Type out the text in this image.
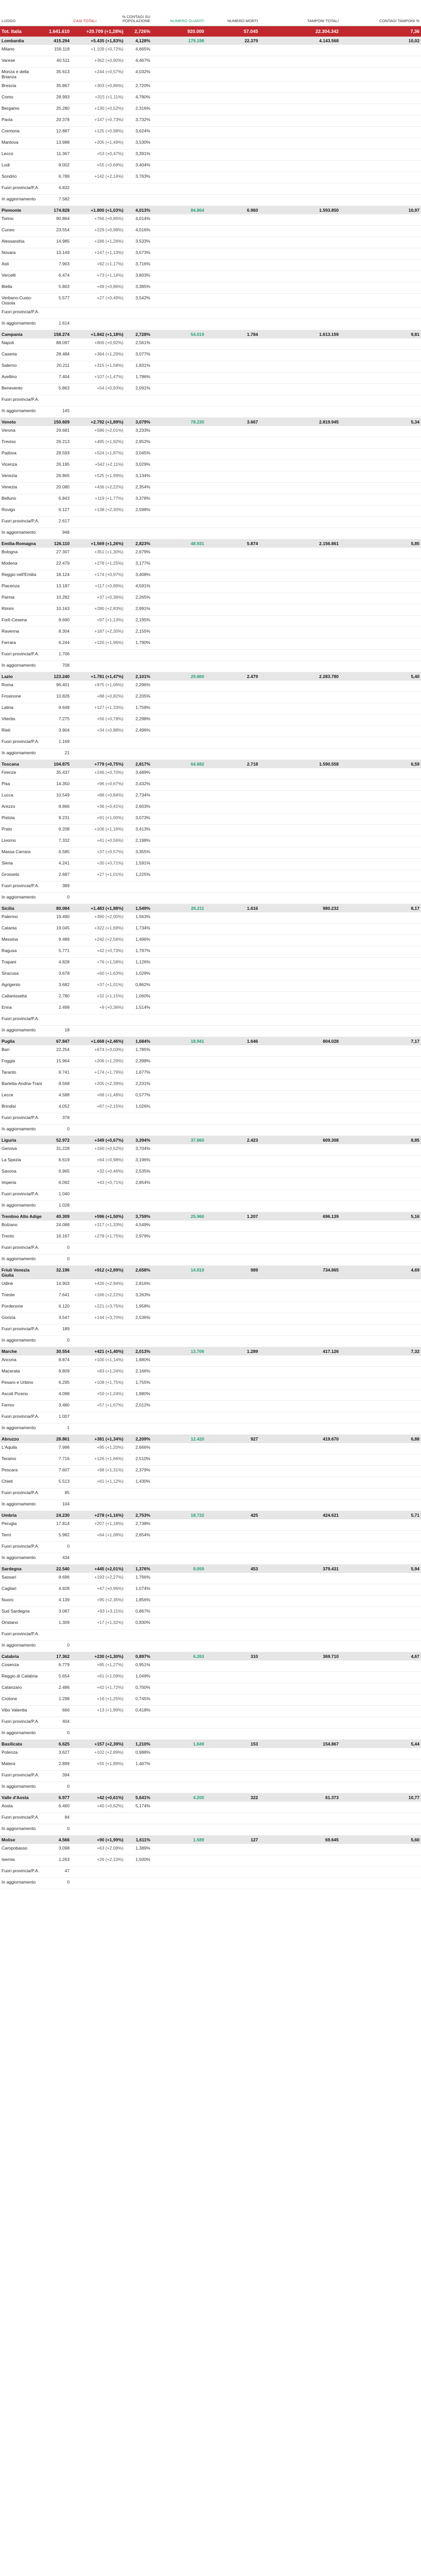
LUOGO	CASI TOTALI		% CONTAGI SU POPOLAZIONE		NUMERO GUARITI	NUMERO MORTI	TAMPONI TOTALI	CONTAGI TAMPONI %
Tot. Italia	1.641.610	+20.709 (+1,28%)		2,726%	920.000	57.045	22.304.342	7,36
Lombardia	415.294	+5.435 (+1,83%)		4,128%	179.198	22.379	4.143.568	10,02
Milano	156.118	+1.109 (+0,72%)		4,665%				
Varese	40.511	+362 (+0,90%)		4,467%				
Monza e della Brianza	35.613	+244 (+0,57%)		4,032%				
Brescia	35.867	+303 (+0,86%)		2,720%				
Como	28.993	+315 (+1,11%)		4,780%				
Bergamo	25.280	+130 (+0,52%)		2,316%				
Pavia	20.378	+147 (+0,73%)		3,732%				
Cremona	12.887	+125 (+0,98%)		3,624%				
Mantova	13.988	+205 (+1,49%)		3,530%				
Lecco	11.367	+53 (+0,47%)		3,391%				
Lodi	8.002	+55 (+0,69%)		3,404%				
Sondrio	6.789	+142 (+2,14%)		3,763%				
Fuori provincia/P.A.	4.832							
In aggiornamento	7.582							
Piemonte	174.828	+1.800 (+1,03%)		4,013%	84.864	6.960	1.593.850	10,97
Torino	90.864	+766 (+0,85%)		4,014%				
Cuneo	23.554	+229 (+0,98%)		4,016%				
Alessandria	14.985	+186 (+1,26%)		3,533%				
Novara	13.149	+147 (+1,13%)		3,573%				
Asti	7.903	+92 (+1,17%)		3,716%				
Vercelli	6.474	+73 (+1,14%)		3,803%				
Biella	5.803	+49 (+0,86%)		3,385%				
Verbano-Cusio-Ossola	5.577	+27 (+0,49%)		3,542%				
Fuori provincia/P.A.								
In aggiornamento	1.614							
Campania	158.274	+1.842 (+1,18%)		2,728%	54.019	1.784	1.613.159	9,81
Napoli	88.097	+806 (+0,92%)		2,561%				
Caserta	28.484	+364 (+1,29%)		3,077%				
Salerno	20.211	+315 (+1,58%)		1,831%				
Avellino	7.404	+107 (+1,47%)		1,786%				
Benevento	5.863	+54 (+0,93%)		2,091%				
Fuori provincia/P.A.								
In aggiornamento	145							
Veneto	150.609	+2.792 (+1,89%)		3,079%	78.230	3.667	2.819.945	5,34
Verona	29.681	+586 (+2,01%)		3,233%				
Treviso	26.213	+495 (+1,92%)		2,952%				
Padova	28.593	+524 (+1,87%)		3,045%				
Vicenza	26.195	+542 (+2,11%)		3,029%				
Venezia	26.865	+525 (+1,99%)		3,134%				
Venezia	20.080	+436 (+2,22%)		2,354%				
Belluno	6.843	+119 (+1,77%)		3,378%				
Rovigo	6.127	+138 (+2,30%)		2,598%				
Fuori provincia/P.A.	2.617							
In aggiornamento	948							
Emilia-Romagna	126.110	+1.569 (+1,26%)		2,823%	48.931	5.874	2.156.861	5,85
Bologna	27.307	+351 (+1,30%)		2,679%				
Modena	22.479	+278 (+1,25%)		3,177%				
Reggio nell'Emilia	18.124	+174 (+0,97%)		3,408%				
Piacenza	13.187	+117 (+0,89%)		4,591%				
Parma	10.282	+37 (+0,36%)		2,265%				
Rimini	10.163	+280 (+2,83%)		2,991%				
Forlì-Cesena	8.690	+97 (+1,13%)		2,195%				
Ravenna	8.304	+187 (+2,30%)		2,155%				
Ferrara	6.244	+120 (+1,96%)		1,790%				
Fuori provincia/P.A.	1.706							
In aggiornamento	708							
Lazio	123.240	+1.781 (+1,47%)		2,101%	29.860	2.479	2.283.780	5,40
Roma	96.401	+975 (+1,06%)		2,296%				
Frosinone	10.826	+88 (+0,82%)		2,205%				
Latina	9.648	+127 (+1,33%)		1,758%				
Viterbo	7.275	+56 (+0,78%)		2,298%				
Rieti	3.904	+34 (+0,88%)		2,496%				
Fuori provincia/P.A.	1.169							
In aggiornamento	21							
Toscana	104.875	+779 (+0,75%)		2,817%	64.682	2.718	1.590.558	6,59
Firenze	35.437	+246 (+0,70%)		3,489%				
Pisa	14.350	+96 (+0,67%)		3,432%				
Lucca	10.549	+88 (+0,84%)		2,734%				
Arezzo	8.866	+36 (+0,41%)		2,603%				
Pistoia	9.231	+91 (+1,00%)		3,073%				
Prato	9.208	+106 (+1,16%)		3,413%				
Livorno	7.332	+41 (+0,56%)		2,198%				
Massa Carrara	6.585	+37 (+0,57%)		3,355%				
Siena	4.241	+30 (+0,71%)		1,591%				
Grosseto	2.687	+27 (+1,01%)		1,225%				
Fuori provincia/P.A.	389							
In aggiornamento	0							
Sicilia	80.084	+1.483 (+1,88%)		1,549%	26.211	1.616	980.232	8,17
Palermo	19.490	+390 (+2,00%)		1,563%				
Catania	19.045	+322 (+1,69%)		1,734%				
Messina	9.489	+242 (+2,56%)		1,496%				
Ragusa	5.771	+42 (+0,73%)		1,797%				
Trapani	4.828	+76 (+1,58%)		1,126%				
Siracusa	3.678	+60 (+1,63%)		1,029%				
Agrigento	3.682	+37 (+1,01%)		0,862%				
Caltanissetta	2.780	+32 (+1,15%)		1,060%				
Enna	2.499	+9 (+0,36%)		1,514%				
Fuori provincia/P.A.								
In aggiornamento	18							
Puglia	67.847	+1.668 (+2,46%)		1,684%	18.941	1.646	804.028	7,17
Bari	22.254	+674 (+3,03%)		1,785%				
Foggia	15.964	+206 (+1,29%)		2,398%				
Taranto	9.741	+174 (+1,79%)		1,677%				
Barletta-Andria-Trani	8.568	+205 (+2,39%)		2,231%				
Lecce	4.588	+68 (+1,48%)		0,577%				
Brindisi	4.052	+87 (+2,15%)		1,026%				
Fuori provincia/P.A.	378							
In aggiornamento	0							
Liguria	52.972	+349 (+0,67%)		3,394%	37.860	2.423	609.308	8,85
Genova	31.228	+160 (+0,52%)		3,704%				
La Spezia	6.619	+64 (+0,98%)		3,196%				
Savona	6.965	+32 (+0,46%)		2,535%				
Imperia	6.092	+43 (+0,71%)		2,854%				
Fuori provincia/P.A.	1.040							
In aggiornamento	1.028							
Trentino Alto Adige	40.309	+596 (+1,50%)		3,759%	25.960	1.207	696.139	5,16
Bolzano	24.088	+317 (+1,33%)		4,549%				
Trento	16.167	+278 (+1,75%)		2,979%				
Fuori provincia/P.A.	0							
In aggiornamento	0							
Friuli Venezia Giulia	32.196	+912 (+2,89%)		2,658%	14.819	989	734.865	4,69
Udine	14.903	+426 (+2,94%)		2,816%				
Trieste	7.641	+166 (+2,22%)		3,263%				
Pordenone	6.120	+221 (+3,75%)		1,958%				
Gorizia	3.547	+144 (+3,70%)		2,536%				
Fuori provincia/P.A.	189							
In aggiornamento	0							
Marche	30.554	+421 (+1,40%)		2,013%	13.706	1.289	417.126	7,32
Ancona	8.874	+100 (+1,14%)		1,880%				
Macerata	6.809	+83 (+1,24%)		2,166%				
Pesaro e Urbino	6.295	+108 (+1,75%)		1,755%				
Ascoli Piceno	4.098	+50 (+1,24%)		1,980%				
Fermo	3.480	+57 (+1,67%)		2,012%				
Fuori provincia/P.A.	1.007							
In aggiornamento	1							
Abruzzo	28.861	+381 (+1,34%)		2,209%	12.420	927	419.670	6,88
L'Aquila	7.996	+95 (+1,20%)		2,666%				
Teramo	7.716	+126 (+1,66%)		2,510%				
Pescara	7.607	+98 (+1,31%)		2,379%				
Chieti	5.513	+61 (+1,12%)		1,430%				
Fuori provincia/P.A.	85							
In aggiornamento	104							
Umbria	24.230	+278 (+1,16%)		2,753%	18.732	425	424.621	5,71
Perugia	17.814	+207 (+1,18%)		2,738%				
Terni	5.982	+64 (+1,08%)		2,654%				
Fuori provincia/P.A.	0							
In aggiornamento	434							
Sardegna	22.540	+445 (+2,01%)		1,376%	9.059	453	379.431	5,94
Sassari	8.696	+193 (+2,27%)		1,766%				
Cagliari	4.928	+47 (+0,96%)		1,074%				
Nuoro	4.139	+95 (+2,35%)		1,856%				
Sud Sardegna	3.087	+93 (+3,11%)		0,867%				
Oristano	1.309	+17 (+1,32%)		0,830%				
Fuori provincia/P.A.								
In aggiornamento	0							
Calabria	17.362	+230 (+1,30%)		0,897%	6.263	310	369.710	4,67
Cosenza	6.779	+85 (+1,27%)		0,951%				
Reggio di Calabria	5.654	+61 (+1,09%)		1,049%				
Catanzaro	2.486	+42 (+1,72%)		0,700%				
Crotone	1.298	+16 (+1,25%)		0,745%				
Vibo Valentia	666	+13 (+1,99%)		0,418%				
Fuori provincia/P.A.	404							
In aggiornamento	0							
Basilicata	6.625	+157 (+2,39%)		1,210%	1.849	153	154.867	5,44
Potenza	3.627	+102 (+2,89%)		0,988%				
Matera	2.899	+55 (+1,89%)		1,467%				
Fuori provincia/P.A.	394							
In aggiornamento	0							
Valle d'Aosta	6.977	+42 (+0,61%)		5,641%	4.200	322	61.373	10,77
Aosta	6.460	+40 (+0,62%)		5,174%				
Fuori provincia/P.A.	84							
In aggiornamento	0							
Molise	4.566	+90 (+1,99%)		1,611%	1.589	127	69.645	5,60
Campobasso	3.098	+63 (+2,08%)		1,389%				
Isernia	1.263	+26 (+2,10%)		1,500%				
Fuori provincia/P.A.	47							
In aggiornamento	0							
